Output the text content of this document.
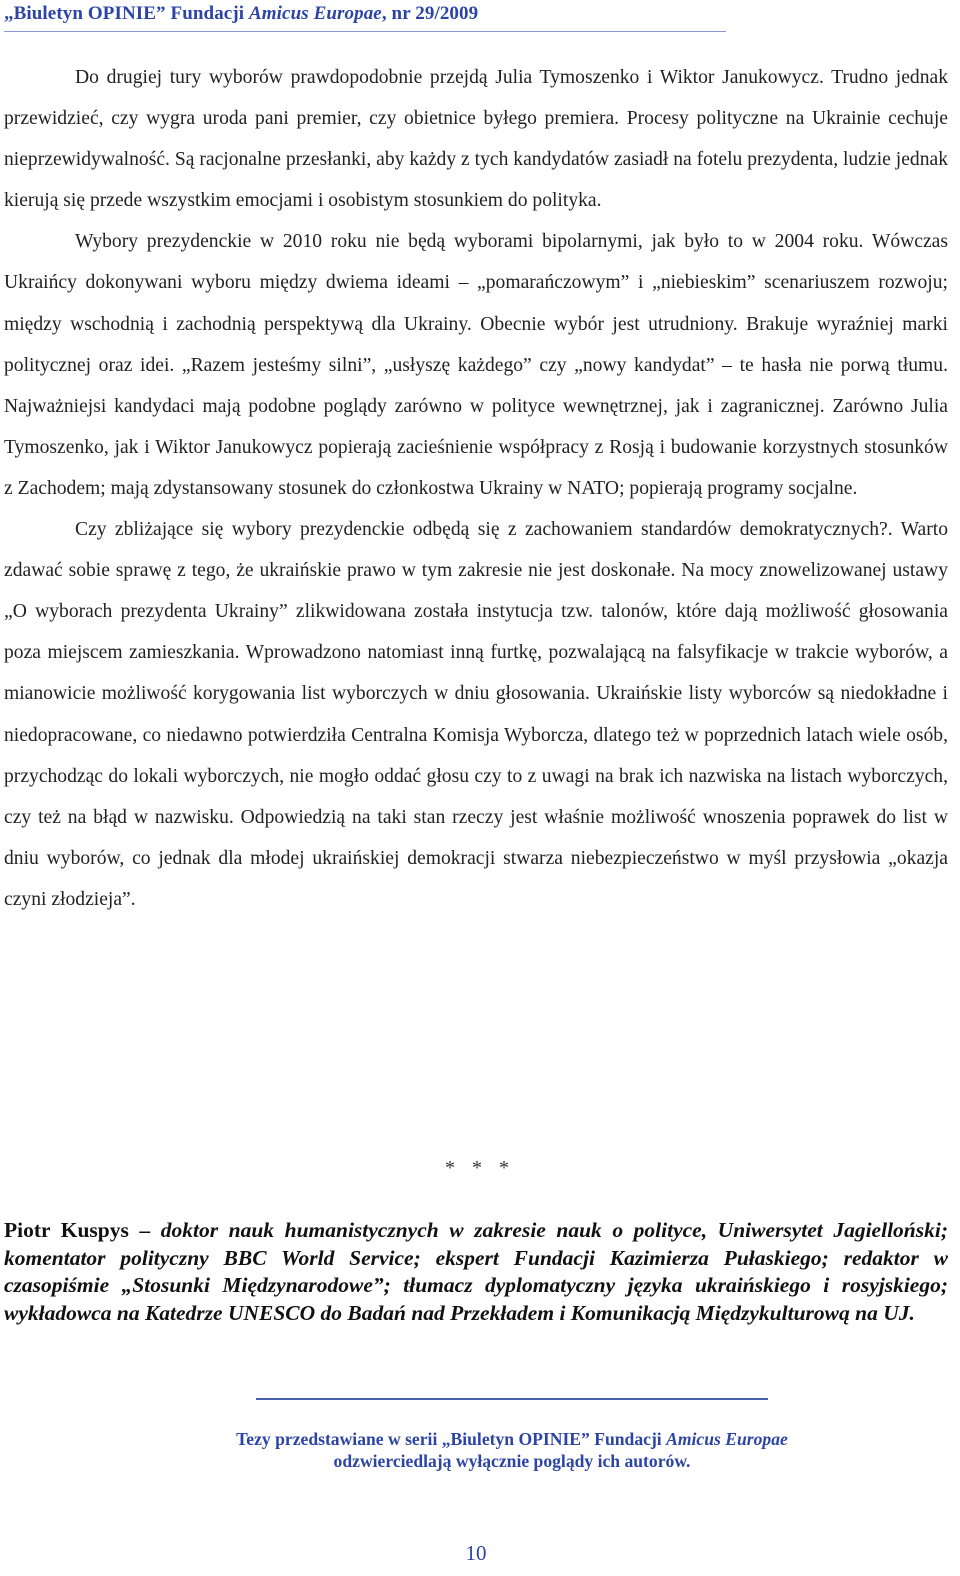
„Biuletyn OPINIE” Fundacji Amicus Europae, nr 29/2009

Do drugiej tury wyborów prawdopodobnie przejdą Julia Tymoszenko i Wiktor Janukowycz. Trudno jednak przewidzieć, czy wygra uroda pani premier, czy obietnice byłego premiera. Procesy polityczne na Ukrainie cechuje nieprzewidywalność. Są racjonalne przesłanki, aby każdy z tych kandydatów zasiadł na fotelu prezydenta, ludzie jednak kierują się przede wszystkim emocjami i osobistym stosunkiem do polityka.

Wybory prezydenckie w 2010 roku nie będą wyborami bipolarnymi, jak było to w 2004 roku. Wówczas Ukraińcy dokonywani wyboru między dwiema ideami – „pomarańczowym” i „niebieskim” scenariuszem rozwoju; między wschodnią i zachodnią perspektywą dla Ukrainy. Obecnie wybór jest utrudniony. Brakuje wyraźniej marki politycznej oraz idei. „Razem jesteśmy silni”, „usłyszę każdego” czy „nowy kandydat” – te hasła nie porwą tłumu. Najważniejsi kandydaci mają podobne poglądy zarówno w polityce wewnętrznej, jak i zagranicznej. Zarówno Julia Tymoszenko, jak i Wiktor Janukowycz popierają zacieśnienie współpracy z Rosją i budowanie korzystnych stosunków z Zachodem; mają zdystansowany stosunek do członkostwa Ukrainy w NATO; popierają programy socjalne.

Czy zbliżające się wybory prezydenckie odbędą się z zachowaniem standardów demokratycznych?. Warto zdawać sobie sprawę z tego, że ukraińskie prawo w tym zakresie nie jest doskonałe. Na mocy znowelizowanej ustawy „O wyborach prezydenta Ukrainy” zlikwidowana została instytucja tzw. talonów, które dają możliwość głosowania poza miejscem zamieszkania. Wprowadzono natomiast inną furtkę, pozwalającą na falsyfikacje w trakcie wyborów, a mianowicie możliwość korygowania list wyborczych w dniu głosowania. Ukraińskie listy wyborców są niedokładne i niedopracowane, co niedawno potwierdziła Centralna Komisja Wyborcza, dlatego też w poprzednich latach wiele osób, przychodząc do lokali wyborczych, nie mogło oddać głosu czy to z uwagi na brak ich nazwiska na listach wyborczych, czy też na błąd w nazwisku. Odpowiedzią na taki stan rzeczy jest właśnie możliwość wnoszenia poprawek do list w dniu wyborów, co jednak dla młodej ukraińskiej demokracji stwarza niebezpieczeństwo w myśl przysłowia „okazja czyni złodzieja”.

* * *
Piotr Kuspys – doktor nauk humanistycznych w zakresie nauk o polityce, Uniwersytet Jagielloński; komentator polityczny BBC World Service; ekspert Fundacji Kazimierza Pułaskiego; redaktor w czasopiśmie „Stosunki Międzynarodowe”; tłumacz dyplomatyczny języka ukraińskiego i rosyjskiego; wykładowca na Katedrze UNESCO do Badań nad Przekładem i Komunikacją Międzykulturową na UJ.
Tezy przedstawiane w serii „Biuletyn OPINIE” Fundacji Amicus Europae
odzwierciedlają wyłącznie poglądy ich autorów.
10
